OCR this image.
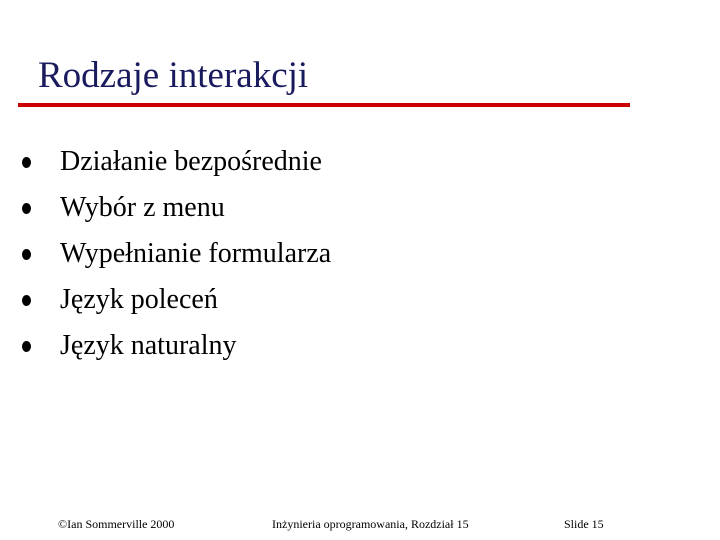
Rodzaje interakcji
Działanie bezpośrednie
Wybór z menu
Wypełnianie formularza
Język poleceń
Język naturalny
©Ian Sommerville 2000	Inżynieria oprogramowania, Rozdział 15	Slide 15
